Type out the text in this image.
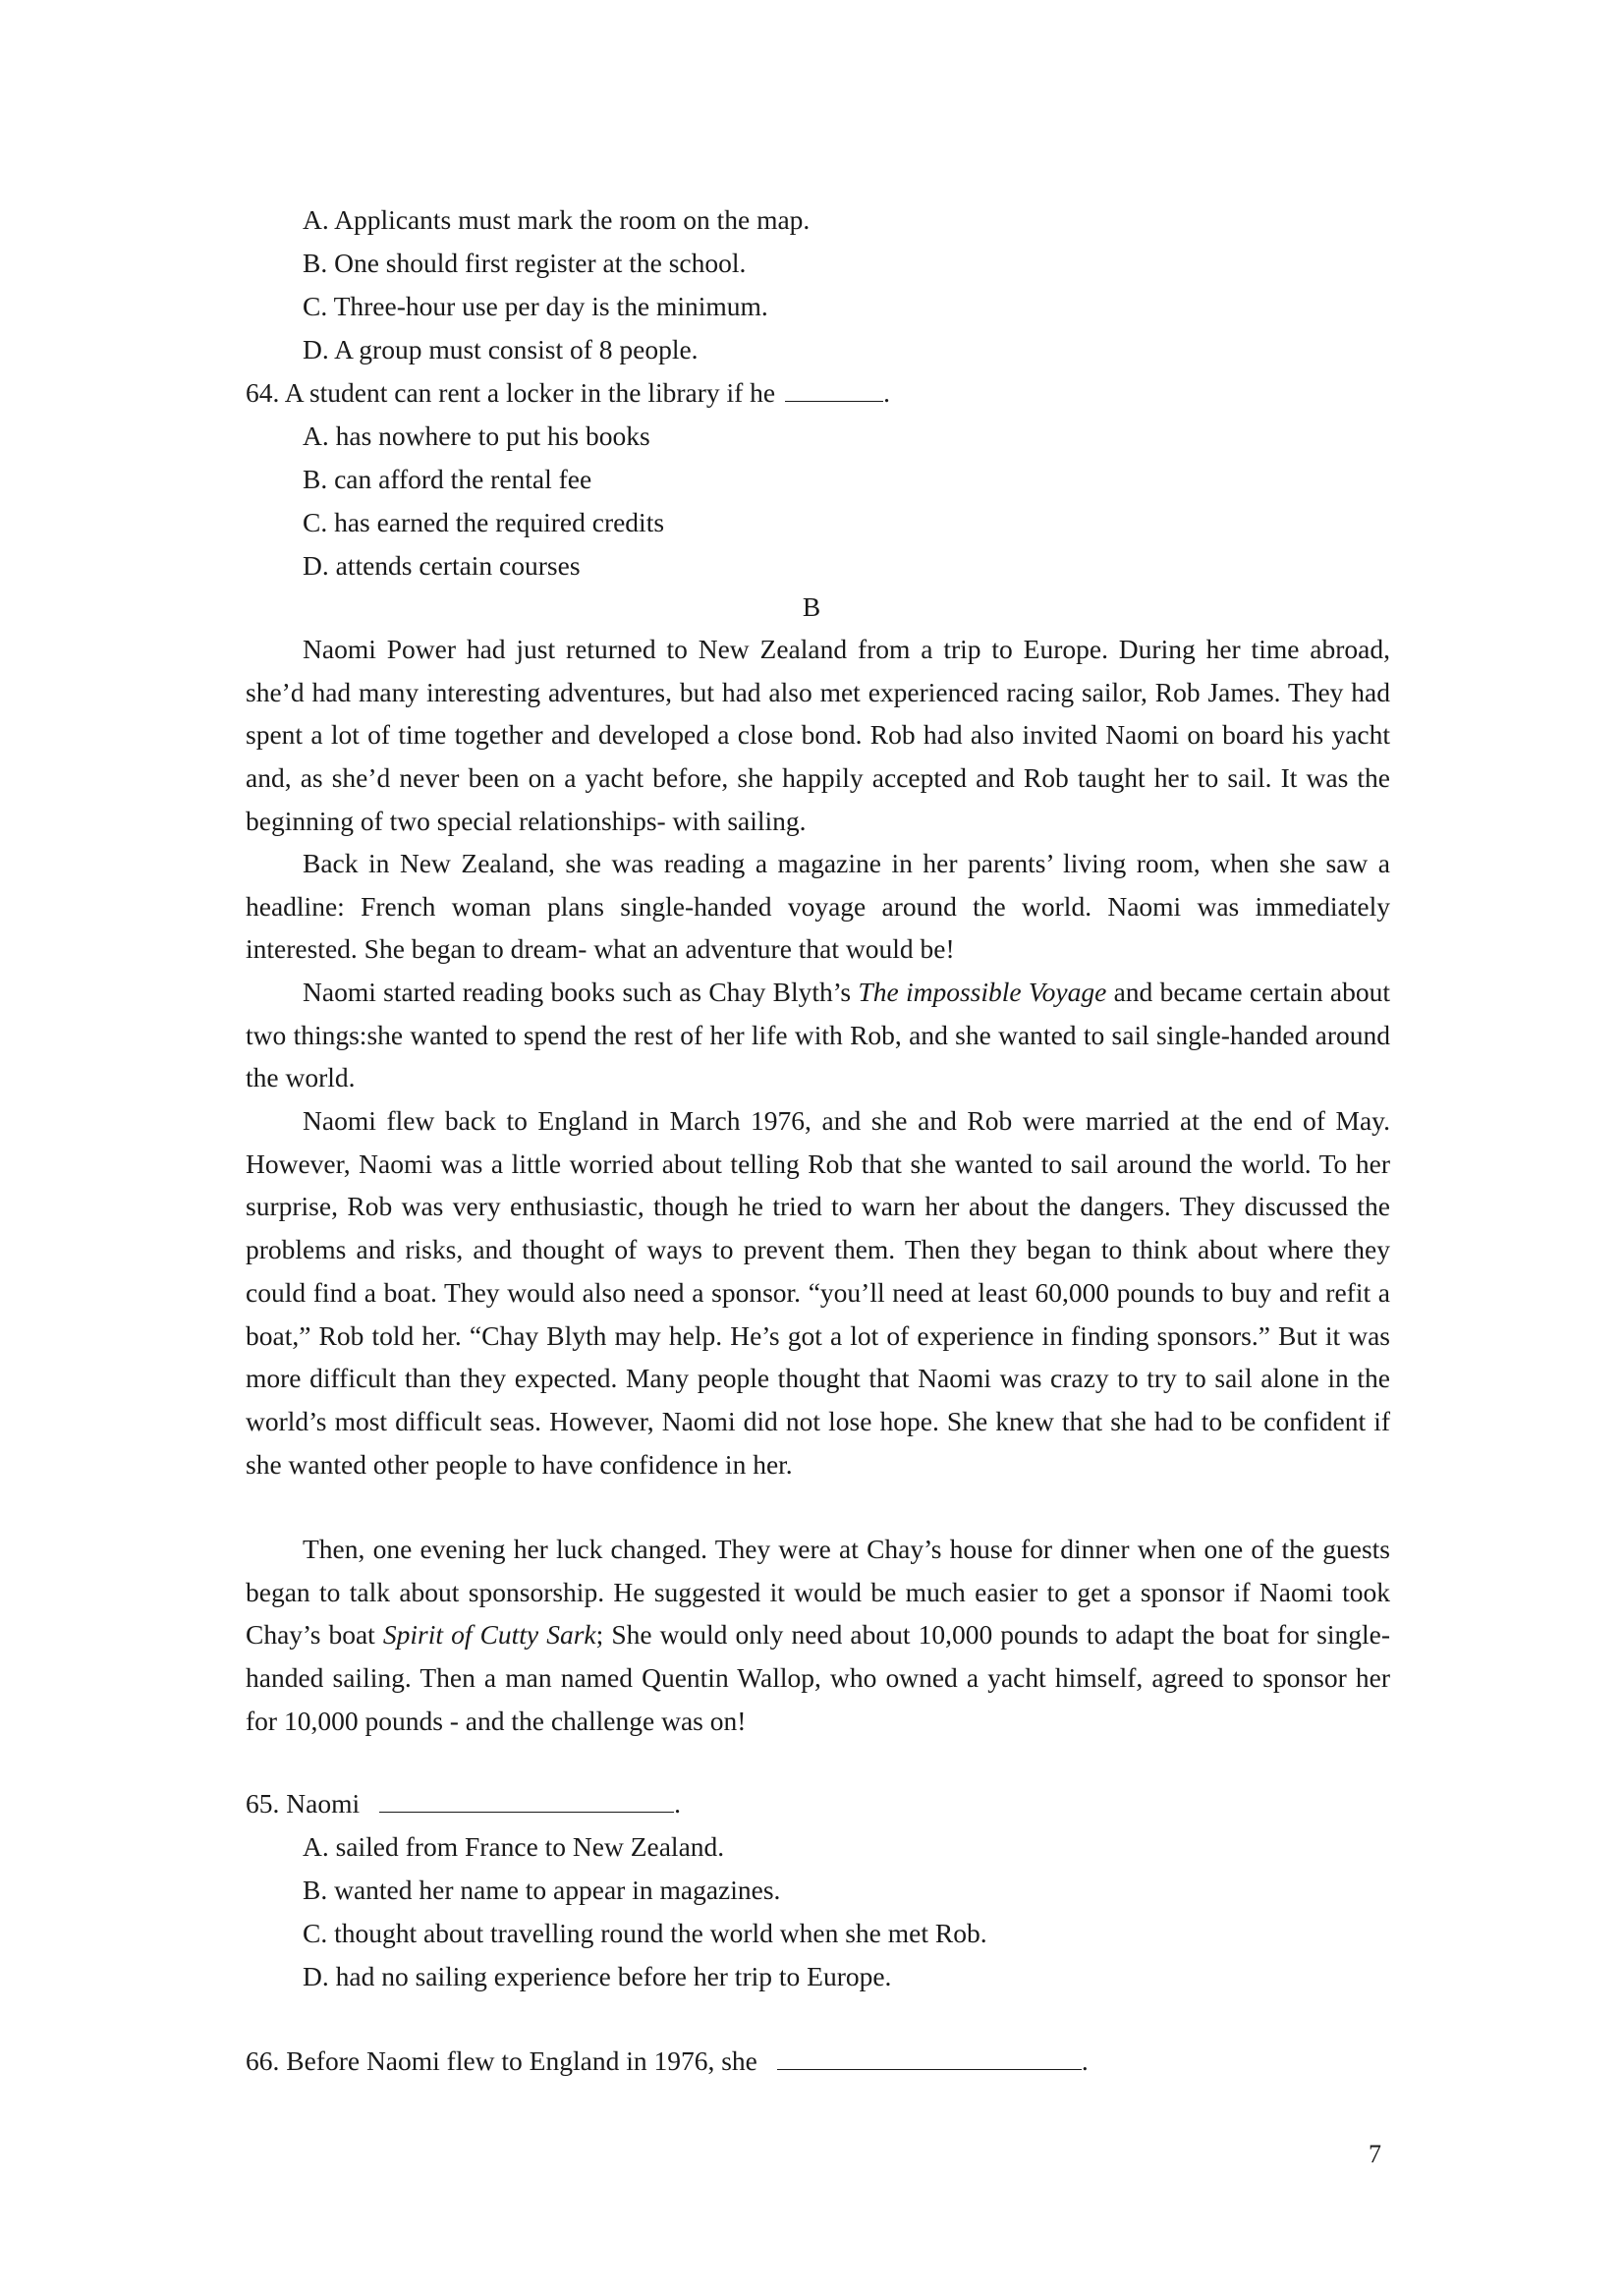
A. Applicants must mark the room on the map.
B. One should first register at the school.
C. Three-hour use per day is the minimum.
D. A group must consist of 8 people.
64. A student can rent a locker in the library if he	.
A. has nowhere to put his books
B. can afford the rental fee
C. has earned the required credits
D. attends certain courses
B

Naomi Power had just returned to New Zealand from a trip to Europe. During her time abroad, she’d had many interesting adventures, but had also met experienced racing sailor, Rob James. They had spent a lot of time together and developed a close bond. Rob had also invited Naomi on board his yacht and, as she’d never been on a yacht before, she happily accepted and Rob taught her to sail. It was the beginning of two special relationships- with sailing.

Back in New Zealand, she was reading a magazine in her parents’ living room, when she saw a headline: French woman plans single-handed voyage around the world. Naomi was immediately interested. She began to dream- what an adventure that would be!

Naomi started reading books such as Chay Blyth’s The impossible Voyage and became certain about two things:she wanted to spend the rest of her life with Rob, and she wanted to sail single-handed around the world.

Naomi flew back to England in March 1976, and she and Rob were married at the end of May. However, Naomi was a little worried about telling Rob that she wanted to sail around the world. To her surprise, Rob was very enthusiastic, though he tried to warn her about the dangers. They discussed the problems and risks, and thought of ways to prevent them. Then they began to think about where they could find a boat. They would also need a sponsor. “you’ll need at least 60,000 pounds to buy and refit a boat,” Rob told her. “Chay Blyth may help. He’s got a lot of experience in finding sponsors.” But it was more difficult than they expected. Many people thought that Naomi was crazy to try to sail alone in the world’s most difficult seas. However, Naomi did not lose hope. She knew that she had to be confident if she wanted other people to have confidence in her.

Then, one evening her luck changed. They were at Chay’s house for dinner when one of the guests began to talk about sponsorship. He suggested it would be much easier to get a sponsor if Naomi took Chay’s boat Spirit of Cutty Sark; She would only need about 10,000 pounds to adapt the boat for single-handed sailing. Then a man named Quentin Wallop, who owned a yacht himself, agreed to sponsor her for 10,000 pounds - and the challenge was on!

65. Naomi	.
A. sailed from France to New Zealand.
B. wanted her name to appear in magazines.
C. thought about travelling round the world when she met Rob.
D. had no sailing experience before her trip to Europe.
66. Before Naomi flew to England in 1976, she	.
7
